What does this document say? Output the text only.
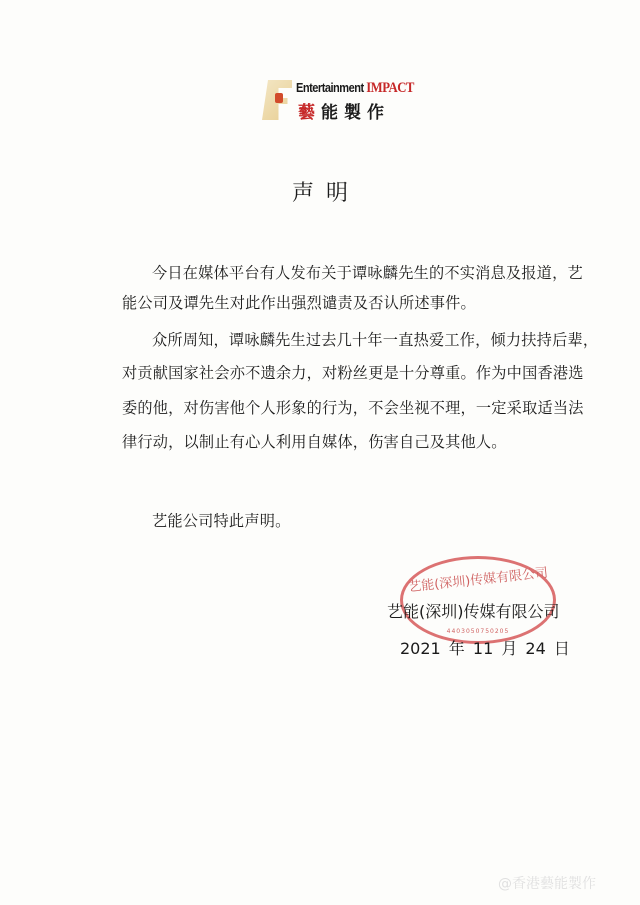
Entertainment IMPACT
藝能製作
声明
今日在媒体平台有人发布关于谭咏麟先生的不实消息及报道，艺
能公司及谭先生对此作出强烈谴责及否认所述事件。
众所周知，谭咏麟先生过去几十年一直热爱工作，倾力扶持后辈，
对贡献国家社会亦不遗余力，对粉丝更是十分尊重。作为中国香港选
委的他，对伤害他个人形象的行为，不会坐视不理，一定采取适当法
律行动，以制止有心人利用自媒体，伤害自己及其他人。
艺能公司特此声明。
艺能(深圳)传媒有限公司
4403050750205
艺能(深圳)传媒有限公司
2021 年 11 月 24 日
@香港藝能製作
